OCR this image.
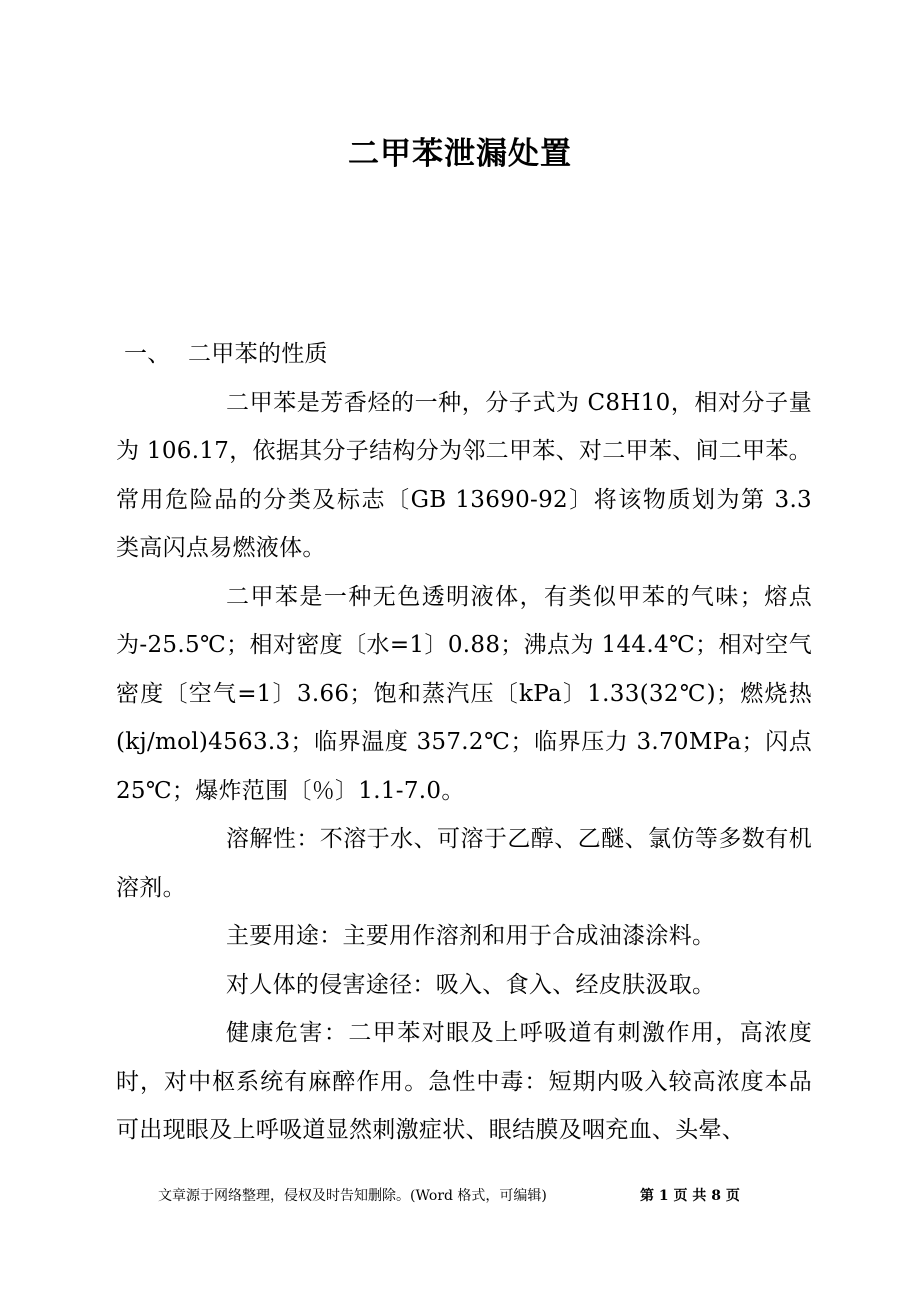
二甲苯泄漏处置

一、 二甲苯的性质

二甲苯是芳香烃的一种，分子式为 C8H10，相对分子量为 106.17，依据其分子结构分为邻二甲苯、对二甲苯、间二甲苯。常用危险品的分类及标志〔GB 13690-92〕将该物质划为第 3.3 类高闪点易燃液体。

二甲苯是一种无色透明液体，有类似甲苯的气味；熔点为-25.5℃；相对密度〔水=1〕0.88；沸点为 144.4℃；相对空气密度〔空气=1〕3.66；饱和蒸汽压〔kPa〕1.33(32℃)；燃烧热(kj/mol)4563.3；临界温度 357.2℃；临界压力 3.70MPa；闪点 25℃；爆炸范围〔％〕1.1-7.0。

溶解性：不溶于水、可溶于乙醇、乙醚、氯仿等多数有机溶剂。

主要用途：主要用作溶剂和用于合成油漆涂料。

对人体的侵害途径：吸入、食入、经皮肤汲取。

健康危害：二甲苯对眼及上呼吸道有刺激作用，高浓度时，对中枢系统有麻醉作用。急性中毒：短期内吸入较高浓度本品可出现眼及上呼吸道显然刺激症状、眼结膜及咽充血、头晕、

文章源于网络整理，侵权及时告知删除。(Word 格式，可编辑)	第 1 页 共 8 页
